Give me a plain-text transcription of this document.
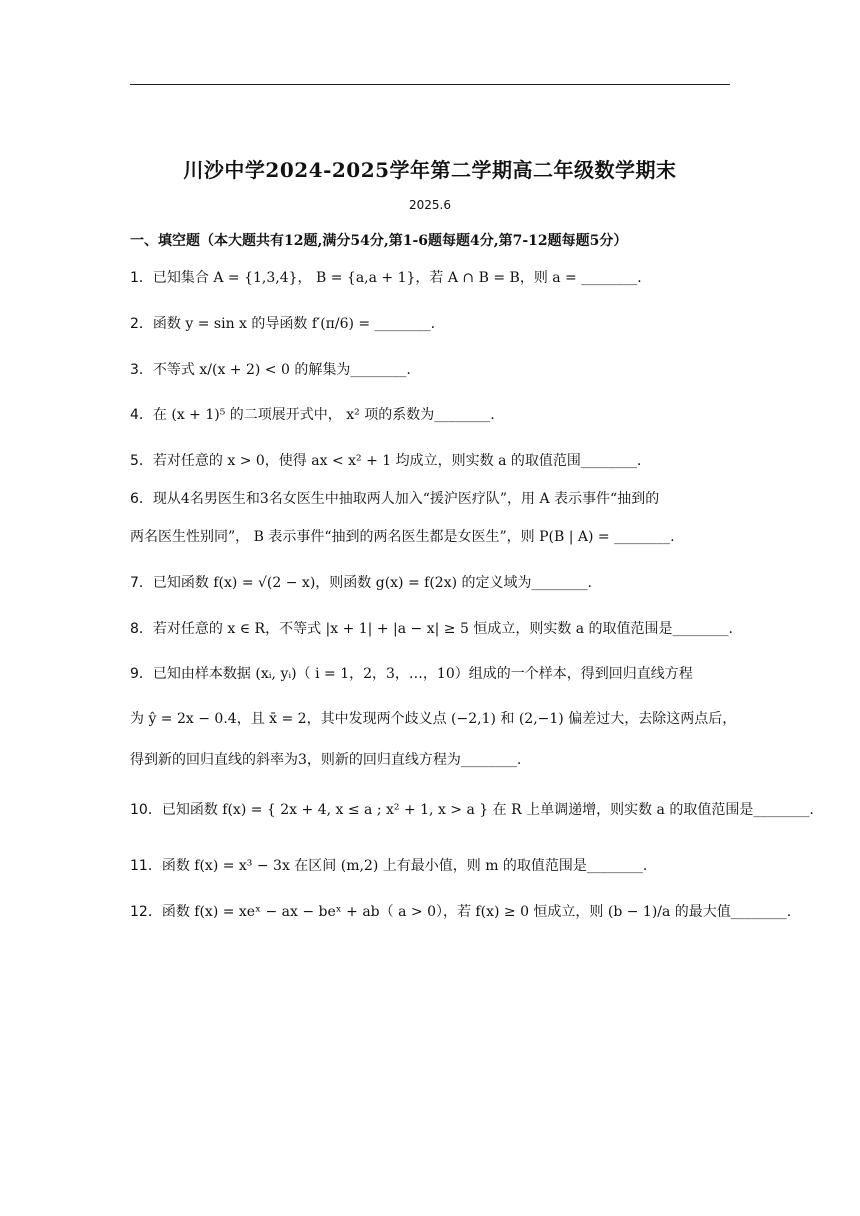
川沙中学2024-2025学年第二学期高二年级数学期末
2025.6
一、填空题（本大题共有12题,满分54分,第1-6题每题4分,第7-12题每题5分）
1．已知集合 A = {1,3,4}， B = {a,a + 1}，若 A ∩ B = B，则 a = ________.
2．函数 y = sin x 的导函数 f′(π/6) = ________.
3．不等式 x/(x + 2) < 0 的解集为________.
4．在 (x + 1)⁵ 的二项展开式中， x² 项的系数为________.
5．若对任意的 x > 0，使得 ax < x² + 1 均成立，则实数 a 的取值范围________.
6．现从4名男医生和3名女医生中抽取两人加入“援沪医疗队”，用 A 表示事件“抽到的
两名医生性别同”， B 表示事件“抽到的两名医生都是女医生”，则 P(B | A) = ________.
7．已知函数 f(x) = √(2 − x)，则函数 g(x) = f(2x) 的定义域为________.
8．若对任意的 x ∈ R，不等式 |x + 1| + |a − x| ≥ 5 恒成立，则实数 a 的取值范围是________.
9．已知由样本数据 (xᵢ, yᵢ)（ i = 1，2，3，…，10）组成的一个样本，得到回归直线方程
为 ŷ = 2x − 0.4，且 x̄ = 2，其中发现两个歧义点 (−2,1) 和 (2,−1) 偏差过大，去除这两点后，
得到新的回归直线的斜率为3，则新的回归直线方程为________.
10．已知函数 f(x) = { 2x + 4, x ≤ a ; x² + 1, x > a } 在 R 上单调递增，则实数 a 的取值范围是________.
11．函数 f(x) = x³ − 3x 在区间 (m,2) 上有最小值，则 m 的取值范围是________.
12．函数 f(x) = xeˣ − ax − beˣ + ab（ a > 0），若 f(x) ≥ 0 恒成立，则 (b − 1)/a 的最大值________.
